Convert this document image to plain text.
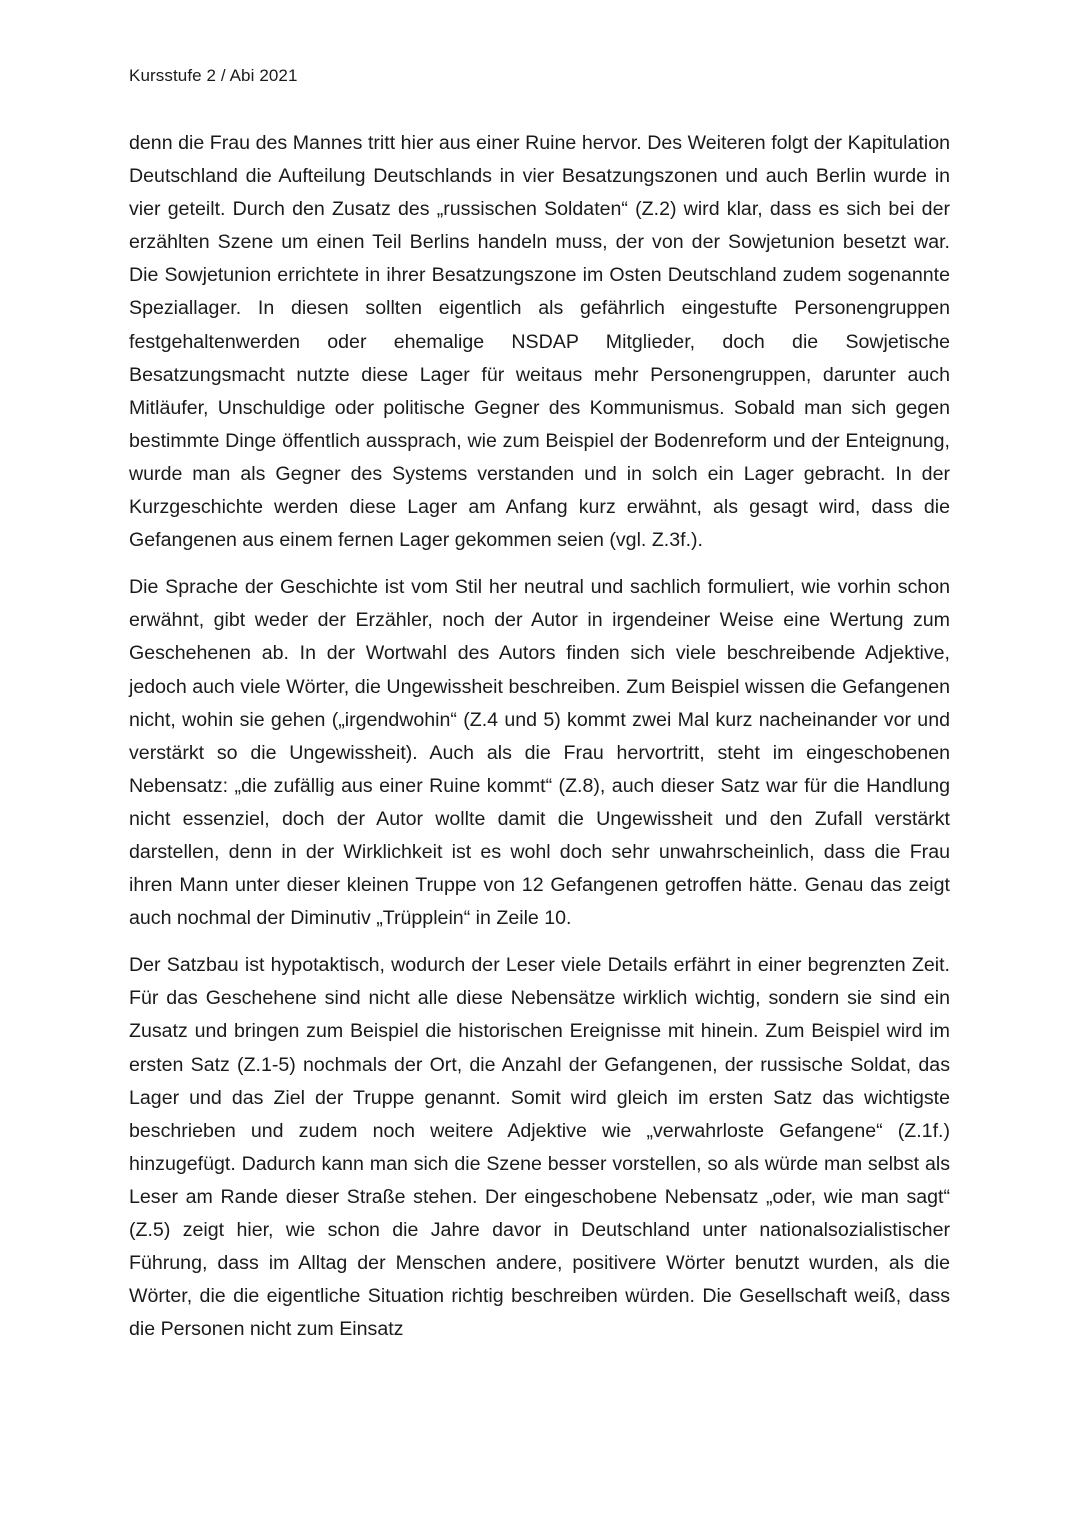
Kursstufe 2 / Abi 2021

denn die Frau des Mannes tritt hier aus einer Ruine hervor. Des Weiteren folgt der Kapitulation Deutschland die Aufteilung Deutschlands in vier Besatzungszonen und auch Berlin wurde in vier geteilt. Durch den Zusatz des „russischen Soldaten“ (Z.2) wird klar, dass es sich bei der erzählten Szene um einen Teil Berlins handeln muss, der von der Sowjetunion besetzt war. Die Sowjetunion errichtete in ihrer Besatzungszone im Osten Deutschland zudem sogenannte Speziallager. In diesen sollten eigentlich als gefährlich eingestufte Personengruppen festgehaltenwerden oder ehemalige NSDAP Mitglieder, doch die Sowjetische Besatzungsmacht nutzte diese Lager für weitaus mehr Personengruppen, darunter auch Mitläufer, Unschuldige oder politische Gegner des Kommunismus. Sobald man sich gegen bestimmte Dinge öffentlich aussprach, wie zum Beispiel der Bodenreform und der Enteignung, wurde man als Gegner des Systems verstanden und in solch ein Lager gebracht. In der Kurzgeschichte werden diese Lager am Anfang kurz erwähnt, als gesagt wird, dass die Gefangenen aus einem fernen Lager gekommen seien (vgl. Z.3f.).

Die Sprache der Geschichte ist vom Stil her neutral und sachlich formuliert, wie vorhin schon erwähnt, gibt weder der Erzähler, noch der Autor in irgendeiner Weise eine Wertung zum Geschehenen ab. In der Wortwahl des Autors finden sich viele beschreibende Adjektive, jedoch auch viele Wörter, die Ungewissheit beschreiben. Zum Beispiel wissen die Gefangenen nicht, wohin sie gehen („irgendwohin“ (Z.4 und 5) kommt zwei Mal kurz nacheinander vor und verstärkt so die Ungewissheit). Auch als die Frau hervortritt, steht im eingeschobenen Nebensatz: „die zufällig aus einer Ruine kommt“ (Z.8), auch dieser Satz war für die Handlung nicht essenziel, doch der Autor wollte damit die Ungewissheit und den Zufall verstärkt darstellen, denn in der Wirklichkeit ist es wohl doch sehr unwahrscheinlich, dass die Frau ihren Mann unter dieser kleinen Truppe von 12 Gefangenen getroffen hätte. Genau das zeigt auch nochmal der Diminutiv „Trüpplein“ in Zeile 10.

Der Satzbau ist hypotaktisch, wodurch der Leser viele Details erfährt in einer begrenzten Zeit. Für das Geschehene sind nicht alle diese Nebensätze wirklich wichtig, sondern sie sind ein Zusatz und bringen zum Beispiel die historischen Ereignisse mit hinein. Zum Beispiel wird im ersten Satz (Z.1-5) nochmals der Ort, die Anzahl der Gefangenen, der russische Soldat, das Lager und das Ziel der Truppe genannt. Somit wird gleich im ersten Satz das wichtigste beschrieben und zudem noch weitere Adjektive wie „verwahrloste Gefangene“ (Z.1f.) hinzugefügt. Dadurch kann man sich die Szene besser vorstellen, so als würde man selbst als Leser am Rande dieser Straße stehen. Der eingeschobene Nebensatz „oder, wie man sagt“ (Z.5) zeigt hier, wie schon die Jahre davor in Deutschland unter nationalsozialistischer Führung, dass im Alltag der Menschen andere, positivere Wörter benutzt wurden, als die Wörter, die die eigentliche Situation richtig beschreiben würden. Die Gesellschaft weiß, dass die Personen nicht zum Einsatz
